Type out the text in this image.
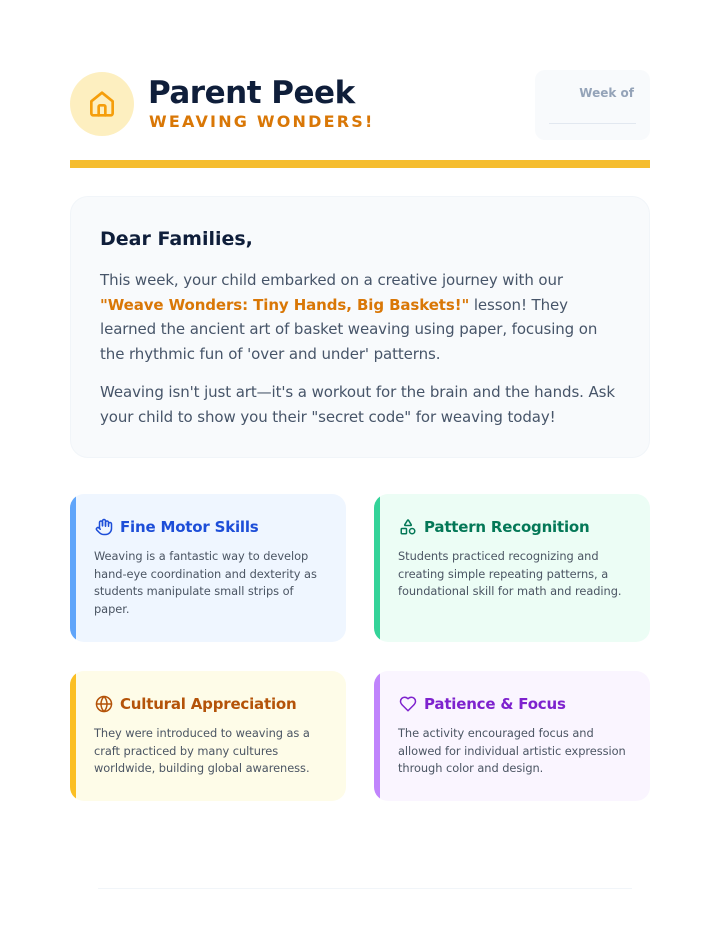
Parent Peek
WEAVING WONDERS!
Week of
Dear Families,

This week, your child embarked on a creative journey with our "Weave Wonders: Tiny Hands, Big Baskets!" lesson! They learned the ancient art of basket weaving using paper, focusing on the rhythmic fun of 'over and under' patterns.

Weaving isn't just art—it's a workout for the brain and the hands. Ask your child to show you their "secret code" for weaving today!

Fine Motor Skills
Weaving is a fantastic way to develop hand-eye coordination and dexterity as students manipulate small strips of paper.
Pattern Recognition
Students practiced recognizing and creating simple repeating patterns, a foundational skill for math and reading.
Cultural Appreciation
They were introduced to weaving as a craft practiced by many cultures worldwide, building global awareness.
Patience & Focus
The activity encouraged focus and allowed for individual artistic expression through color and design.
